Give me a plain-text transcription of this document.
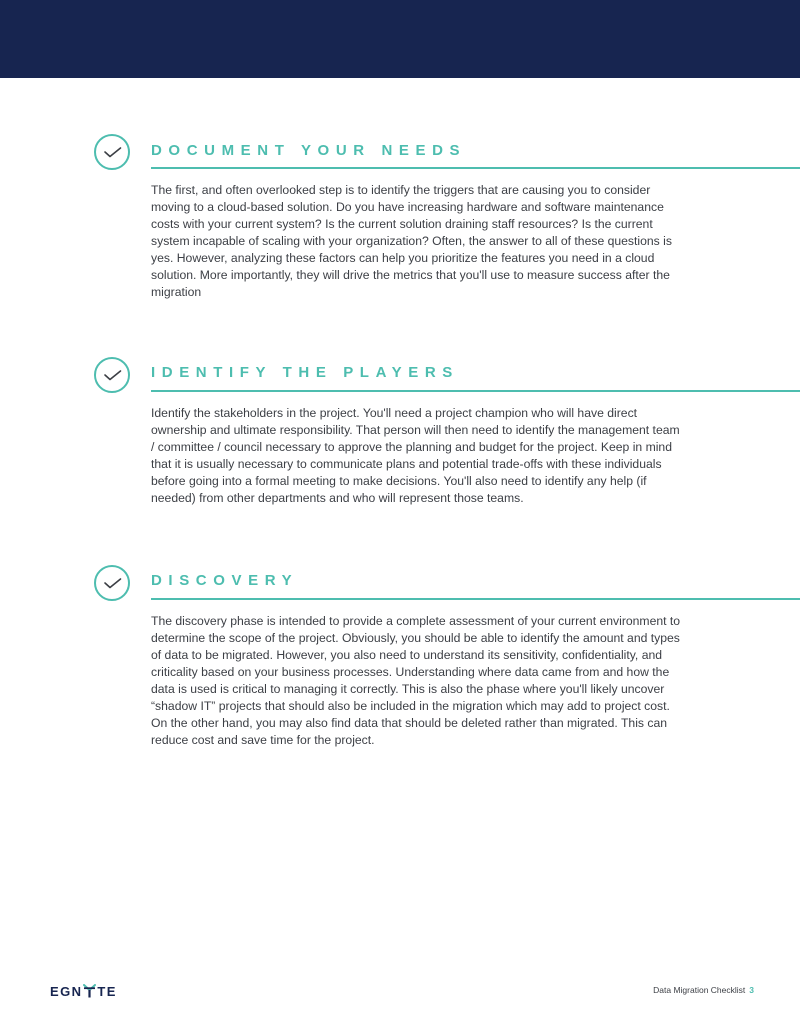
DOCUMENT YOUR NEEDS

The first, and often overlooked step is to identify the triggers that are causing you to consider moving to a cloud-based solution. Do you have increasing hardware and software maintenance costs with your current system? Is the current solution draining staff resources? Is the current system incapable of scaling with your organization? Often, the answer to all of these questions is yes. However, analyzing these factors can help you prioritize the features you need in a cloud solution. More importantly, they will drive the metrics that you'll use to measure success after the migration

IDENTIFY THE PLAYERS

Identify the stakeholders in the project. You'll need a project champion who will have direct ownership and ultimate responsibility. That person will then need to identify the management team / committee / council necessary to approve the planning and budget for the project. Keep in mind that it is usually necessary to communicate plans and potential trade-offs with these individuals before going into a formal meeting to make decisions. You'll also need to identify any help (if needed) from other departments and who will represent those teams.

DISCOVERY

The discovery phase is intended to provide a complete assessment of your current environment to determine the scope of the project. Obviously, you should be able to identify the amount and types of data to be migrated. However, you also need to understand its sensitivity, confidentiality, and criticality based on your business processes. Understanding where data came from and how the data is used is critical to managing it correctly. This is also the phase where you'll likely uncover “shadow IT” projects that should also be included in the migration which may add to project cost. On the other hand, you may also find data that should be deleted rather than migrated. This can reduce cost and save time for the project.

EGN TE	Data Migration Checklist 3
